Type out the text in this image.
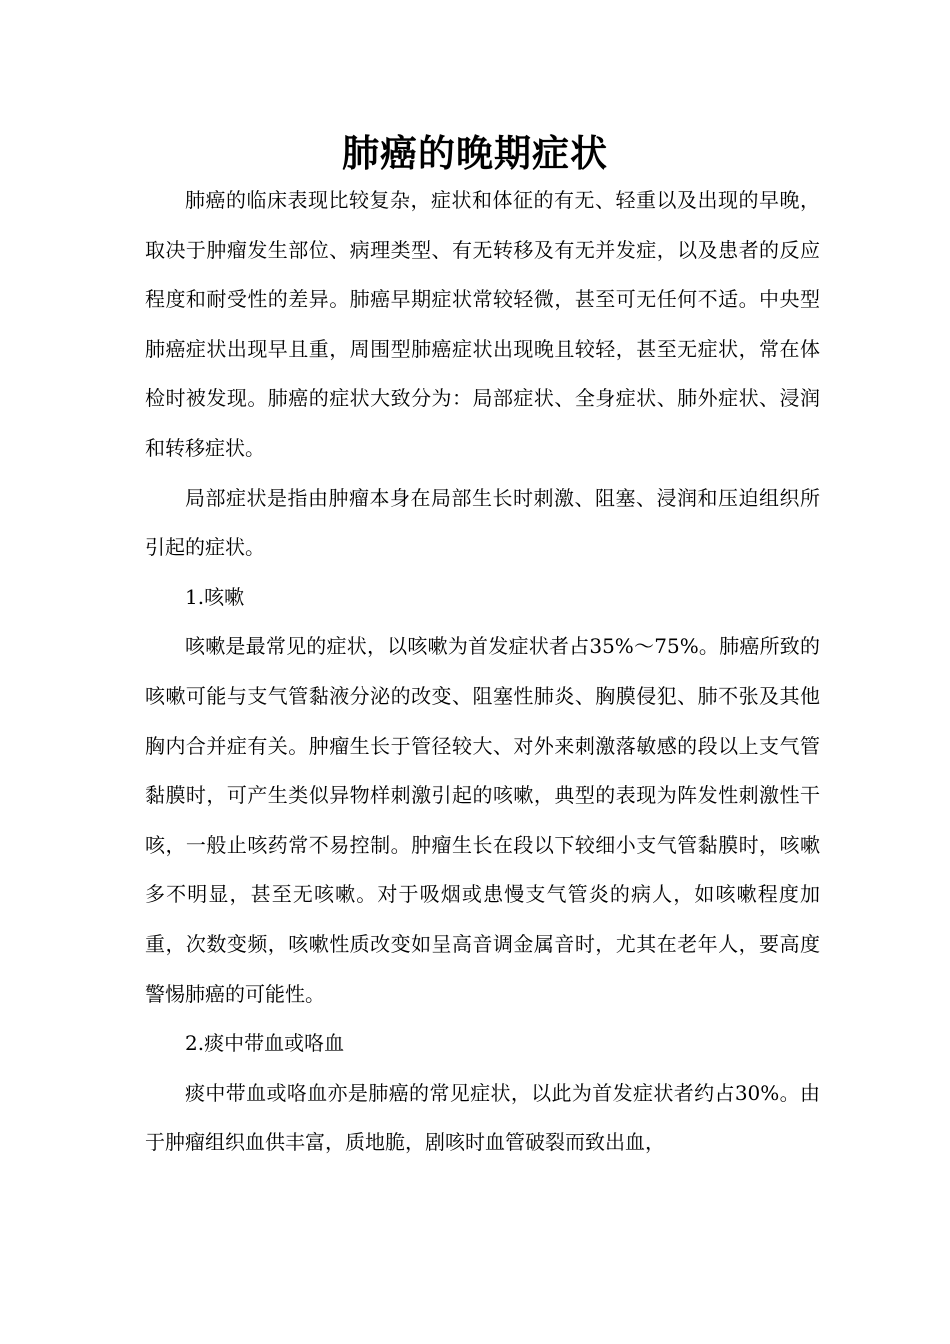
肺癌的晚期症状

肺癌的临床表现比较复杂，症状和体征的有无、轻重以及出现的早晚，取决于肿瘤发生部位、病理类型、有无转移及有无并发症，以及患者的反应程度和耐受性的差异。肺癌早期症状常较轻微，甚至可无任何不适。中央型肺癌症状出现早且重，周围型肺癌症状出现晚且较轻，甚至无症状，常在体检时被发现。肺癌的症状大致分为：局部症状、全身症状、肺外症状、浸润和转移症状。

局部症状是指由肿瘤本身在局部生长时刺激、阻塞、浸润和压迫组织所引起的症状。

1.咳嗽

咳嗽是最常见的症状，以咳嗽为首发症状者占35%～75%。肺癌所致的咳嗽可能与支气管黏液分泌的改变、阻塞性肺炎、胸膜侵犯、肺不张及其他胸内合并症有关。肿瘤生长于管径较大、对外来刺激落敏感的段以上支气管黏膜时，可产生类似异物样刺激引起的咳嗽，典型的表现为阵发性刺激性干咳，一般止咳药常不易控制。肿瘤生长在段以下较细小支气管黏膜时，咳嗽多不明显，甚至无咳嗽。对于吸烟或患慢支气管炎的病人，如咳嗽程度加重，次数变频，咳嗽性质改变如呈高音调金属音时，尤其在老年人，要高度警惕肺癌的可能性。

2.痰中带血或咯血

痰中带血或咯血亦是肺癌的常见症状，以此为首发症状者约占30%。由于肿瘤组织血供丰富，质地脆，剧咳时血管破裂而致出血，
